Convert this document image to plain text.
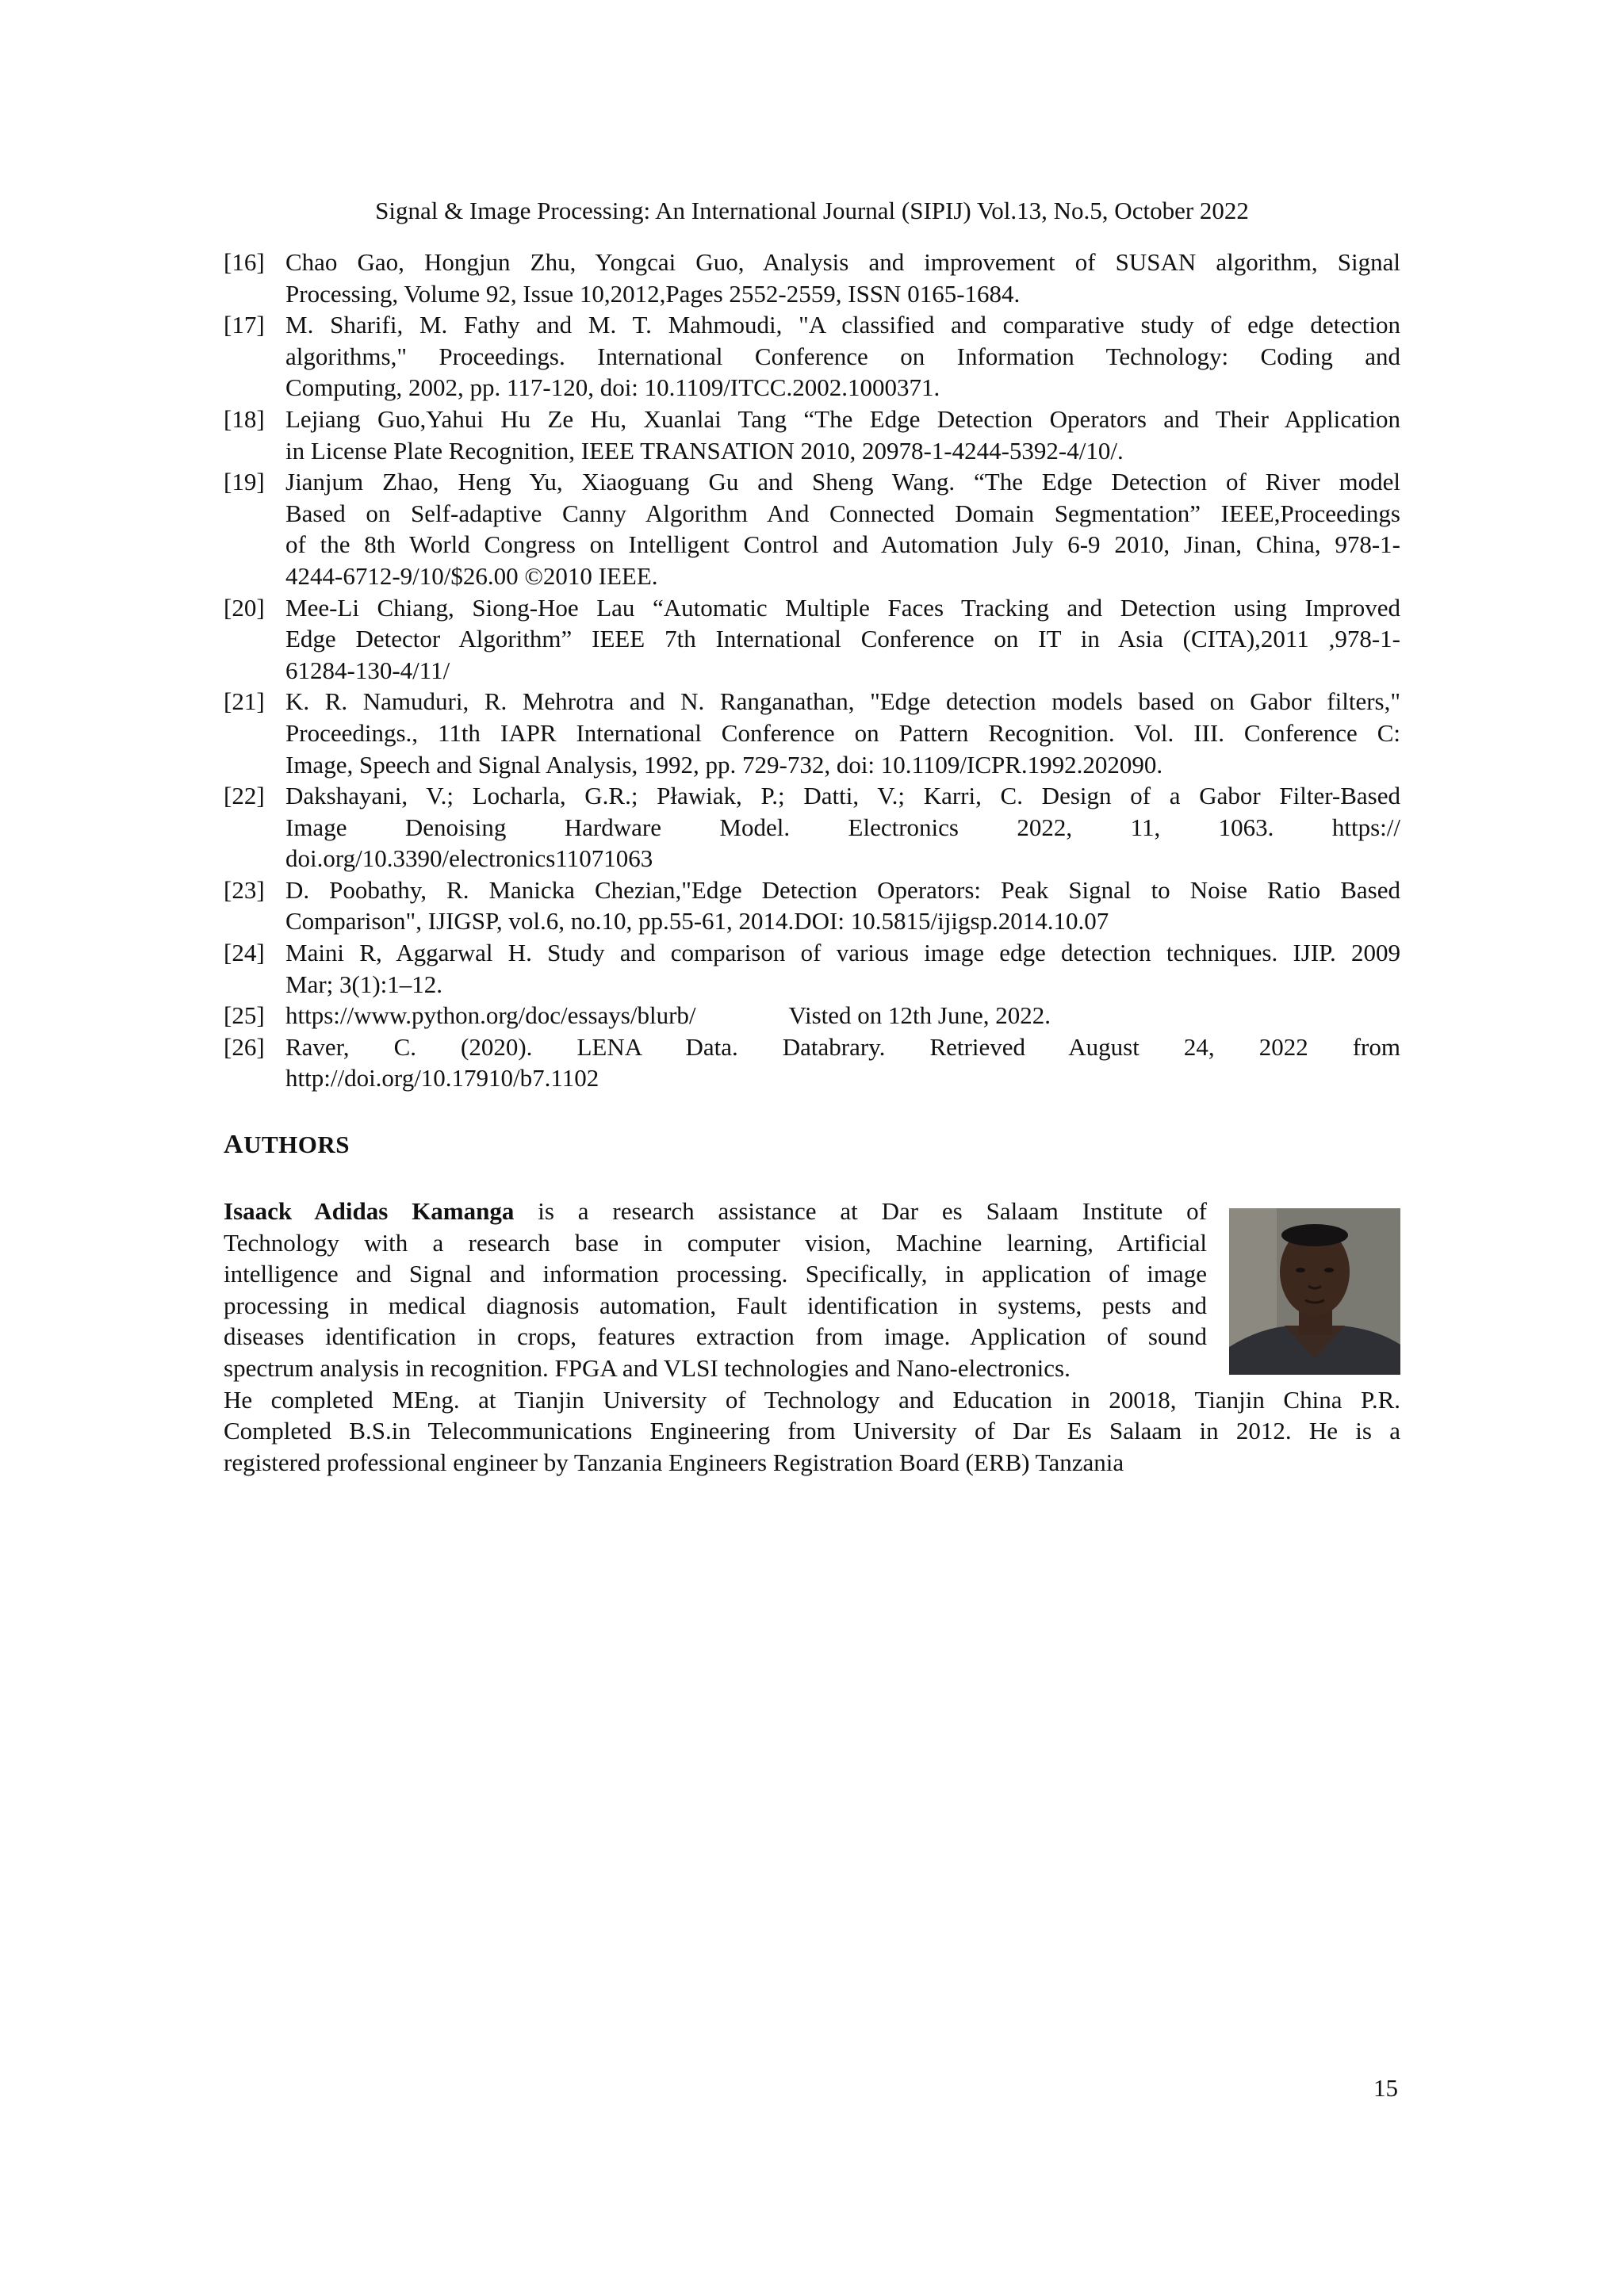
Signal & Image Processing: An International Journal (SIPIJ) Vol.13, No.5, October 2022
[16] Chao Gao, Hongjun Zhu, Yongcai Guo, Analysis and improvement of SUSAN algorithm, Signal
Processing, Volume 92, Issue 10,2012,Pages 2552-2559, ISSN 0165-1684.
[17] M. Sharifi, M. Fathy and M. T. Mahmoudi, "A classified and comparative study of edge detection
algorithms," Proceedings. International Conference on Information Technology: Coding and
Computing, 2002, pp. 117-120, doi: 10.1109/ITCC.2002.1000371.
[18] Lejiang Guo,Yahui Hu Ze Hu, Xuanlai Tang “The Edge Detection Operators and Their Application
in License Plate Recognition, IEEE TRANSATION 2010, 20978-1-4244-5392-4/10/.
[19] Jianjum Zhao, Heng Yu, Xiaoguang Gu and Sheng Wang. “The Edge Detection of River model
Based on Self-adaptive Canny Algorithm And Connected Domain Segmentation” IEEE,Proceedings
of the 8th World Congress on Intelligent Control and Automation July 6-9 2010, Jinan, China, 978-1-
4244-6712-9/10/$26.00 ©2010 IEEE.
[20] Mee-Li Chiang, Siong-Hoe Lau “Automatic Multiple Faces Tracking and Detection using Improved
Edge Detector Algorithm” IEEE 7th International Conference on IT in Asia (CITA),2011 ,978-1-
61284-130-4/11/
[21] K. R. Namuduri, R. Mehrotra and N. Ranganathan, "Edge detection models based on Gabor filters,"
Proceedings., 11th IAPR International Conference on Pattern Recognition. Vol. III. Conference C:
Image, Speech and Signal Analysis, 1992, pp. 729-732, doi: 10.1109/ICPR.1992.202090.
[22] Dakshayani, V.; Locharla, G.R.; Pławiak, P.; Datti, V.; Karri, C. Design of a Gabor Filter-Based
Image Denoising Hardware Model. Electronics 2022, 11, 1063. https://
doi.org/10.3390/electronics11071063
[23] D. Poobathy, R. Manicka Chezian,"Edge Detection Operators: Peak Signal to Noise Ratio Based
Comparison", IJIGSP, vol.6, no.10, pp.55-61, 2014.DOI: 10.5815/ijigsp.2014.10.07
[24] Maini R, Aggarwal H. Study and comparison of various image edge detection techniques. IJIP. 2009
Mar; 3(1):1–12.
[25] https://www.python.org/doc/essays/blurb/	Visted on 12th June, 2022.
[26] Raver, C. (2020). LENA Data. Databrary. Retrieved August 24, 2022 from
http://doi.org/10.17910/b7.1102
AUTHORS
Isaack Adidas Kamanga is a research assistance at Dar es Salaam Institute of
Technology with a research base in computer vision, Machine learning, Artificial
intelligence and Signal and information processing. Specifically, in application of image
processing in medical diagnosis automation, Fault identification in systems, pests and
diseases identification in crops, features extraction from image. Application of sound
spectrum analysis in recognition. FPGA and VLSI technologies and Nano-electronics.
He completed MEng. at Tianjin University of Technology and Education in 20018, Tianjin China P.R.
Completed B.S.in Telecommunications Engineering from University of Dar Es Salaam in 2012. He is a
registered professional engineer by Tanzania Engineers Registration Board (ERB) Tanzania
15
